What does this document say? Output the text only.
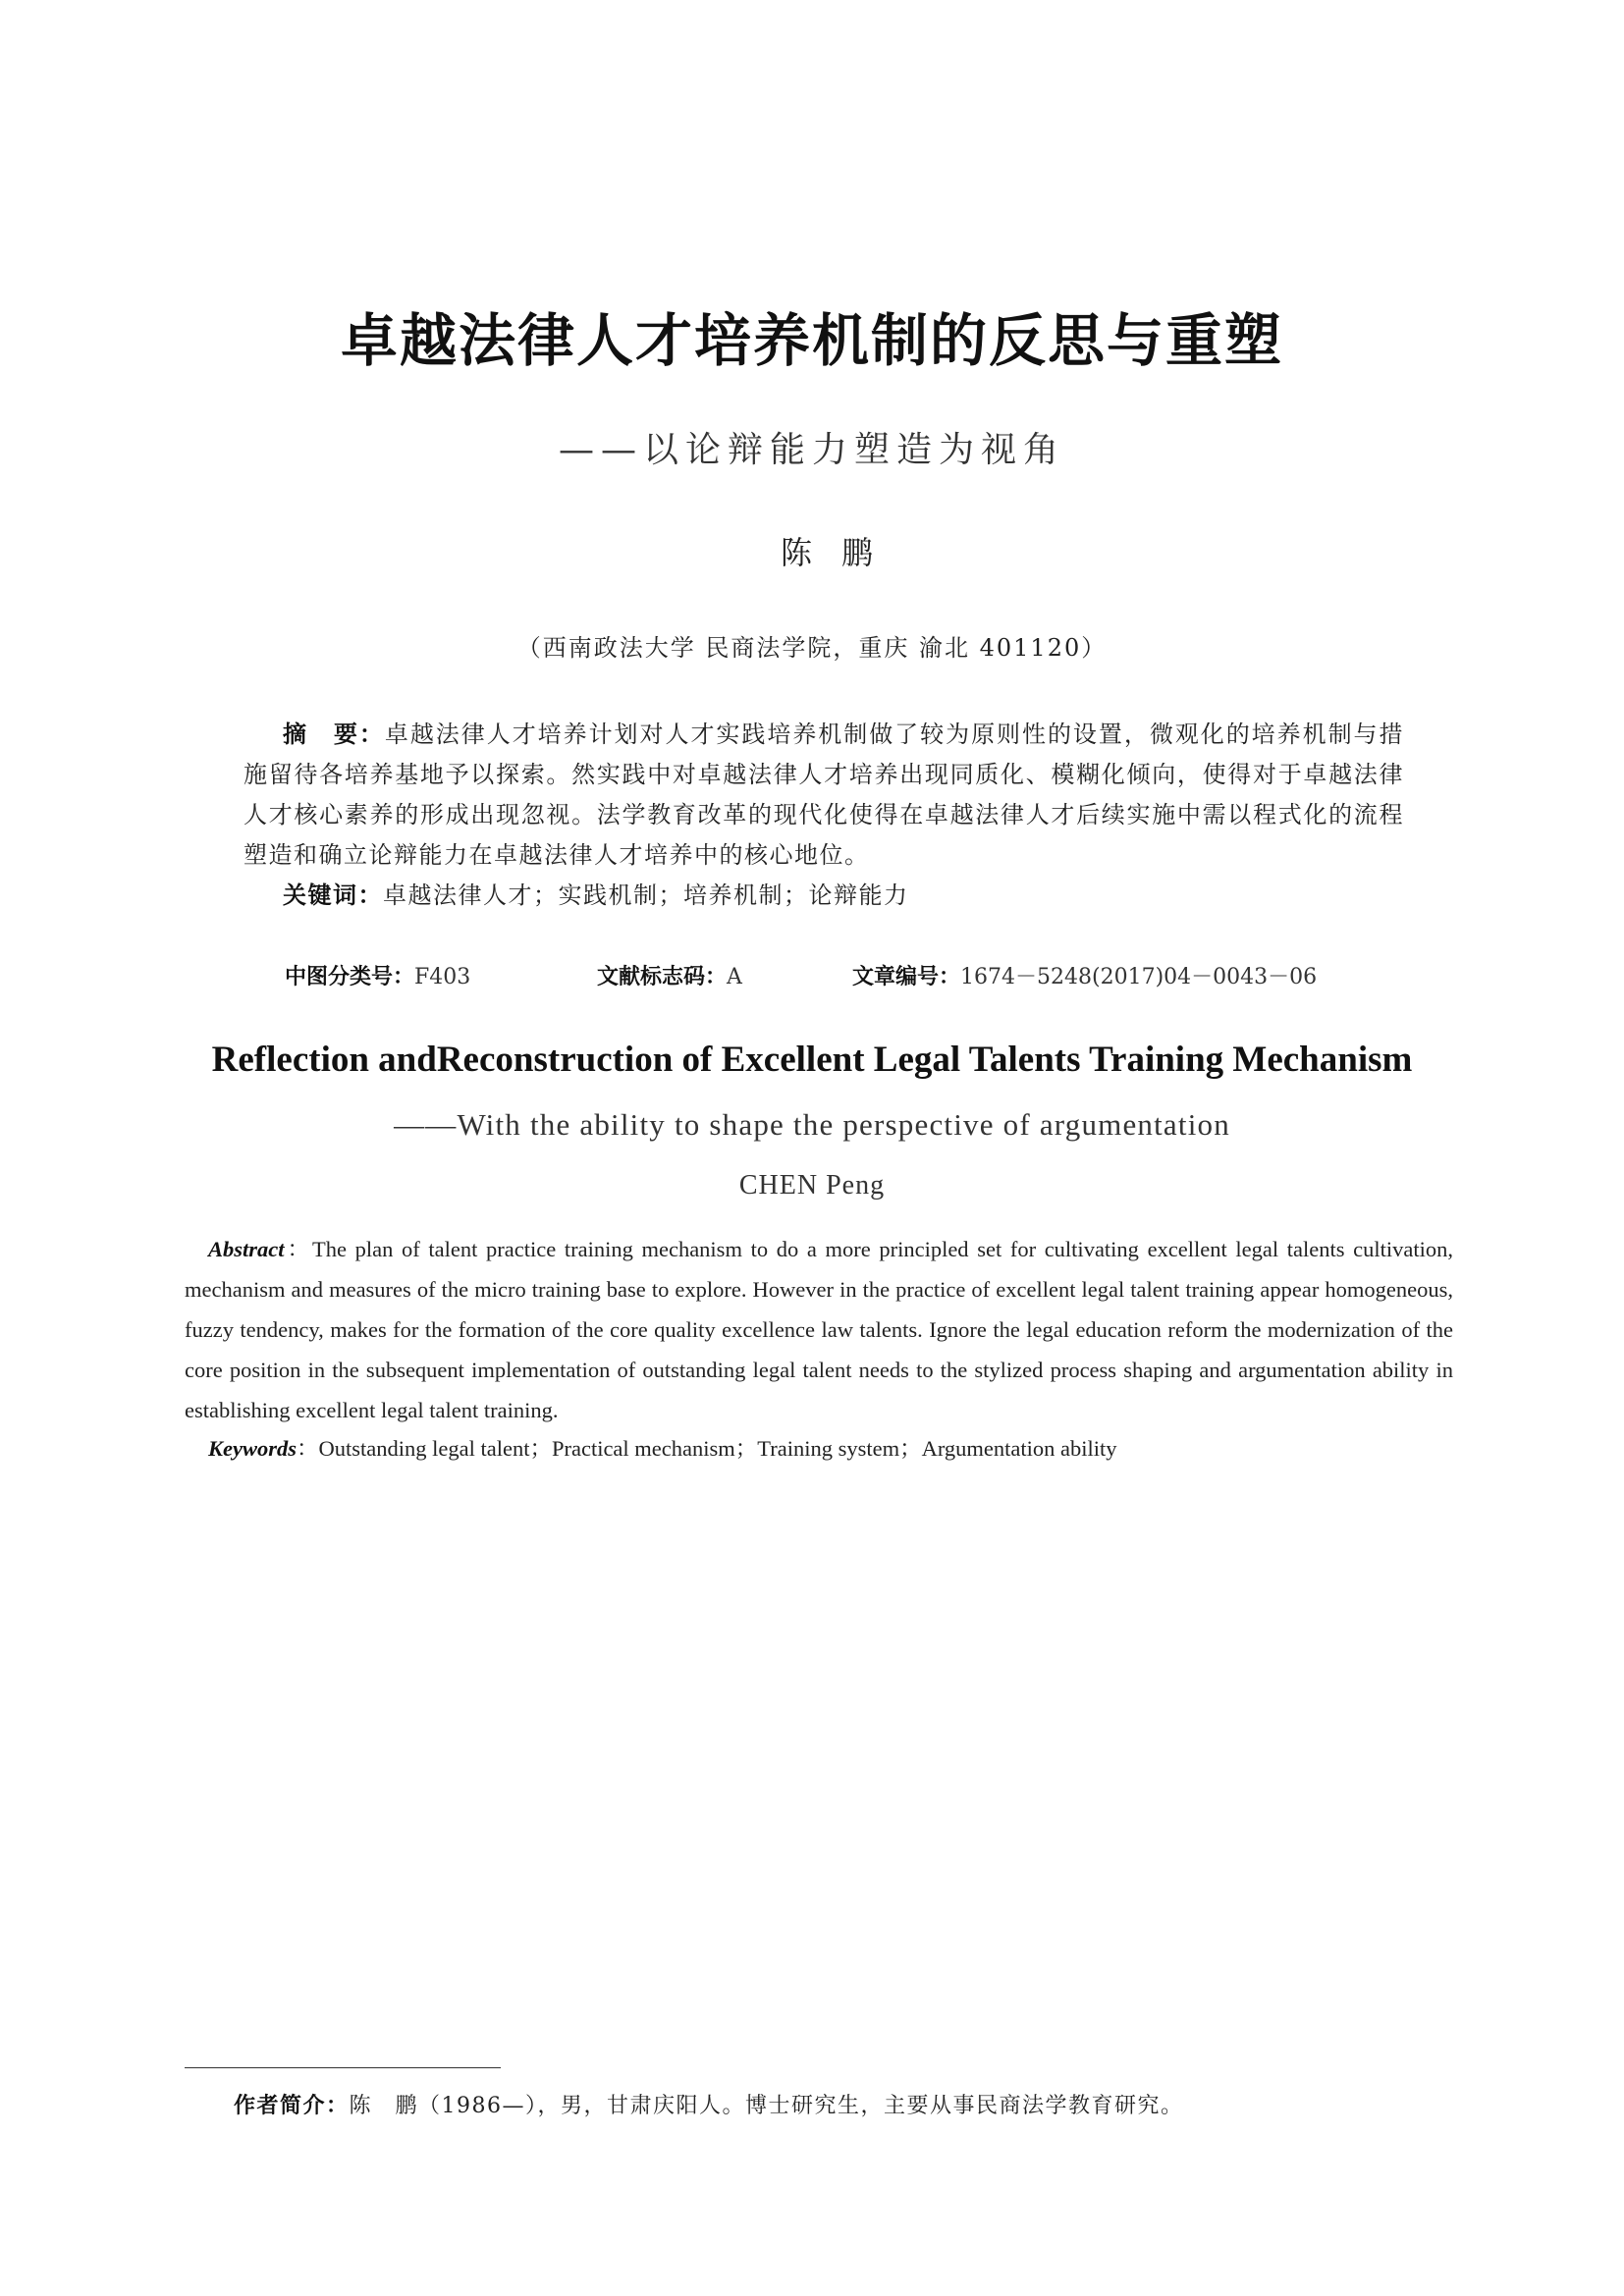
卓越法律人才培养机制的反思与重塑
——以论辩能力塑造为视角
陈鹏
（西南政法大学 民商法学院，重庆 渝北 401120）
摘　要：卓越法律人才培养计划对人才实践培养机制做了较为原则性的设置，微观化的培养机制与措施留待各培养基地予以探索。然实践中对卓越法律人才培养出现同质化、模糊化倾向，使得对于卓越法律人才核心素养的形成出现忽视。法学教育改革的现代化使得在卓越法律人才后续实施中需以程式化的流程塑造和确立论辩能力在卓越法律人才培养中的核心地位。
关键词：卓越法律人才；实践机制；培养机制；论辩能力
中图分类号：F403	文献标志码：A	文章编号：1674－5248(2017)04－0043－06
Reflection andReconstruction of Excellent Legal Talents Training Mechanism
——With the ability to shape the perspective of argumentation
CHEN Peng
Abstract：The plan of talent practice training mechanism to do a more principled set for cultivating excellent legal talents cultivation, mechanism and measures of the micro training base to explore. However in the practice of excellent legal talent training appear homogeneous, fuzzy tendency, makes for the formation of the core quality excellence law talents. Ignore the legal education reform the modernization of the core position in the subsequent implementation of outstanding legal talent needs to the stylized process shaping and argumentation ability in establishing excellent legal talent training.
Keywords：Outstanding legal talent；Practical mechanism；Training system；Argumentation ability
作者简介：陈　鹏（1986—），男，甘肃庆阳人。博士研究生，主要从事民商法学教育研究。
